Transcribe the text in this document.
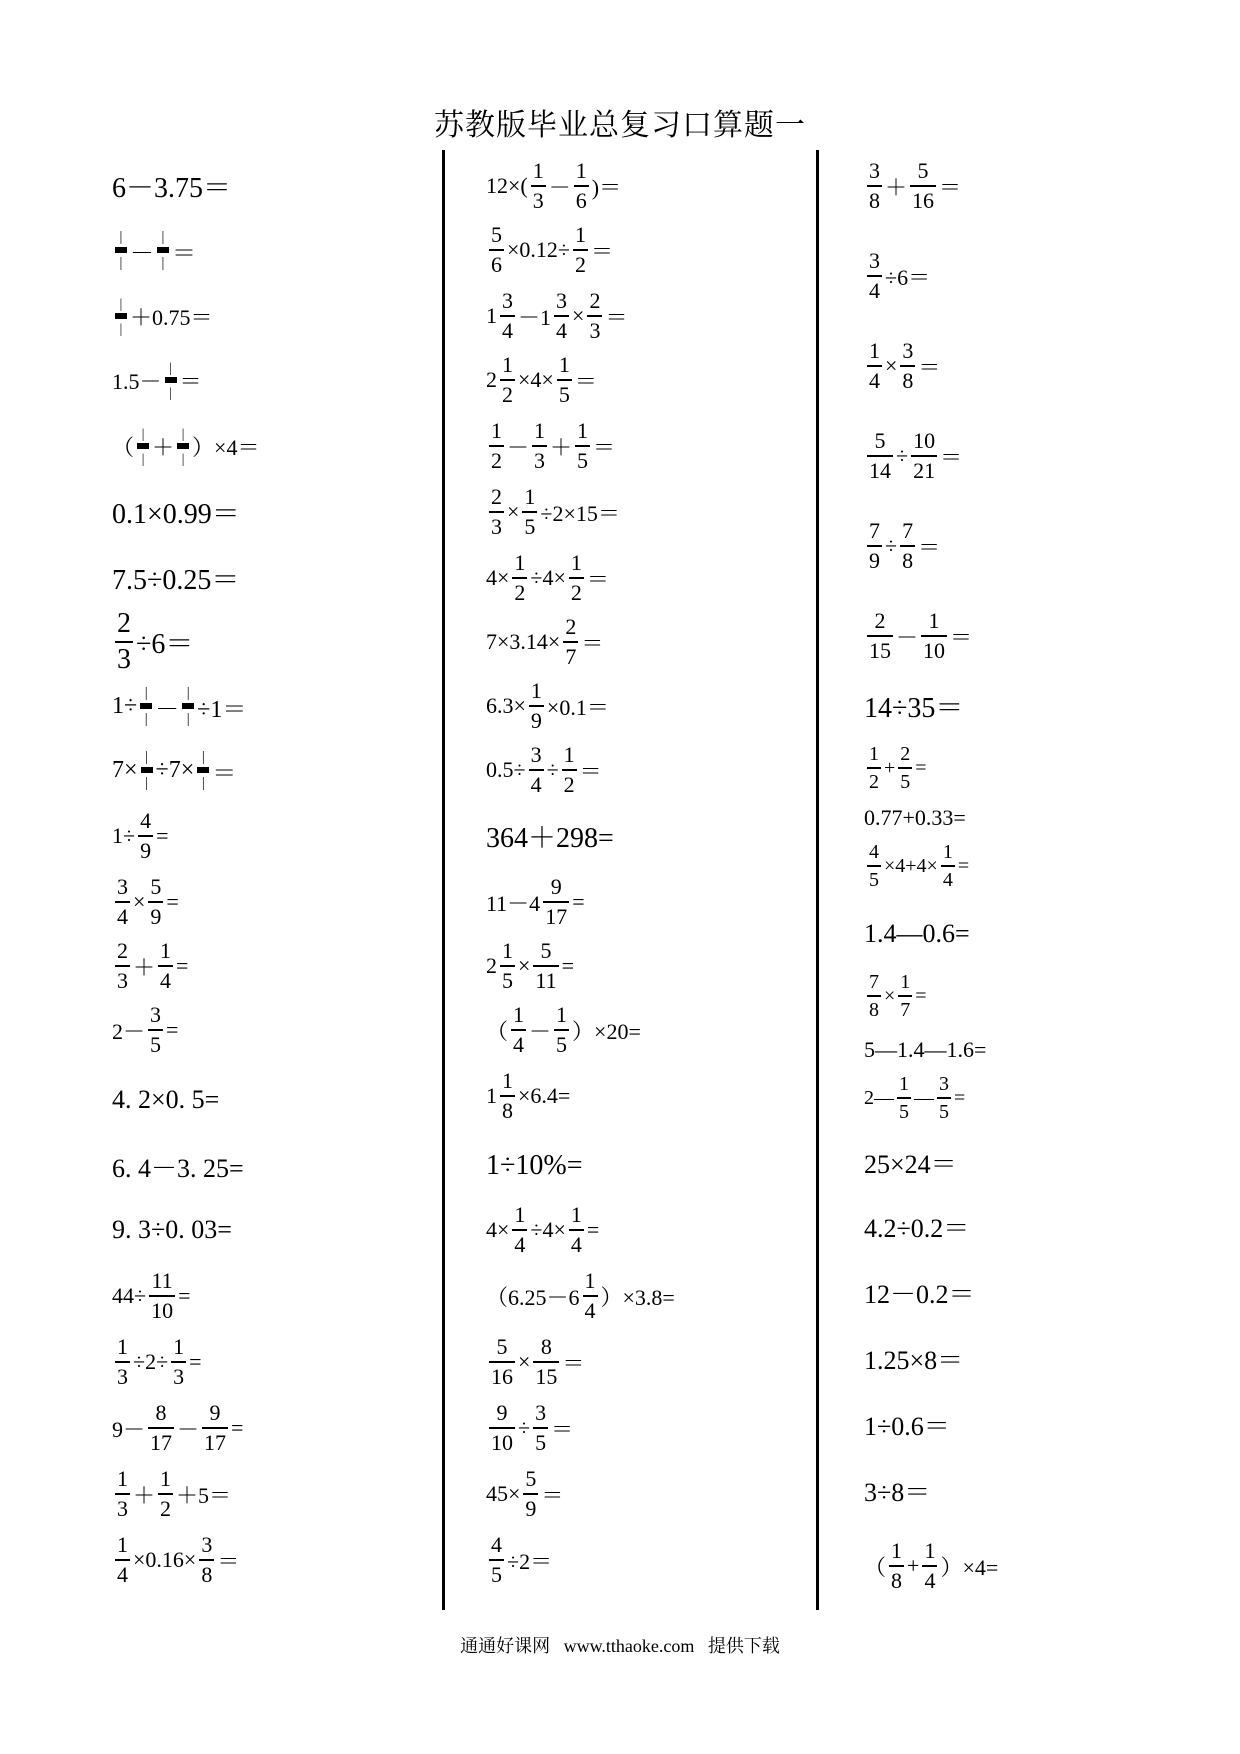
苏教版毕业总复习口算题一
6－3.75＝
|
| －
|
| ＝
|
| ＋0.75＝
1.5－
|
| ＝
（
|
| ＋
|
| ）×4＝
0.1×0.99＝
7.5÷0.25＝
$\frac{2}{3} \div 6=$
1÷ |
| －
|
| ÷1＝
7× |
|
÷7× |
| ＝
$1\div \frac{4}{9}$ =
$\frac{3}{4} \times \frac{5}{9}$ =
$\frac{2}{3} + \frac{1}{4}$ =
$2- \frac{3}{5}$ =
4. 2×0. 5=
6. 4－3. 25=
9. 3÷0. 03=
$44\div \frac{11}{10}$ =
$\frac{1}{3} \div 2\div \frac{1}{3}$ =
$9- \frac{8}{17} - \frac{9}{17}$ =
$\frac{1}{3} + \frac{1}{2} +5=$
$\frac{1}{4} \times 0.16\times \frac{3}{8}$ ＝
$12\times( \frac{1}{3} - \frac{1}{6}$ )＝
$\frac{5}{6} \times 0.12\div \frac{1}{2}$ ＝
$1 \frac{3}{4} -1 \frac{3}{4} \times \frac{2}{3}$ ＝
$2 \frac{1}{2} \times 4\times \frac{1}{5}$ ＝
$\frac{1}{2} - \frac{1}{3} + \frac{1}{5}$ ＝
$\frac{2}{3} \times \frac{1}{5} \div 2\times 15=$
$4\times \frac{1}{2} \div 4\times \frac{1}{2}$ ＝
$7\times 3.14\times \frac{2}{7}$ ＝
$6.3\times \frac{1}{9} \times 0.1=$
$0.5\div \frac{3}{4} \div \frac{1}{2}$ ＝
364＋298=
$11-4 \frac{9}{17}$ =
$2 \frac{1}{5} \times \frac{5}{11}$ =
（ $\frac{1}{4} - \frac{1}{5} )\times 20=$
$1 \frac{1}{8} \times 6.4=$
1÷10%=
$4\times \frac{1}{4} \div 4\times \frac{1}{4}$ =
$(6.25-6 \frac{1}{4} )\times 3.8=$
$\frac{5}{16} \times \frac{8}{15}$ ＝
$\frac{9}{10} \div \frac{3}{5}$ ＝
$45\times \frac{5}{9}$ ＝
$\frac{4}{5} \div 2=$
$\frac{3}{8} + \frac{5}{16}$ ＝
$\frac{3}{4} \div 6=$
$\frac{1}{4} \times \frac{3}{8}$ ＝
$\frac{5}{14} \div \frac{10}{21}$ ＝
$\frac{7}{9} \div \frac{7}{8}$ ＝
$\frac{2}{15} - \frac{1}{10}$ ＝
14÷35＝
$\frac{1}{2} + \frac{2}{5}$ =
0.77+0.33=
$\frac{4}{5} \times 4+4\times \frac{1}{4}$ =
1.4—0.6=
$\frac{7}{8} \times \frac{1}{7}$ =
5—1.4—1.6=
2— $\frac{1}{5}$ — $\frac{3}{5}$ =
25×24＝
4.2÷0.2＝
12－0.2＝
1.25×8＝
1÷0.6＝
3÷8＝
（ $\frac{1}{8} + \frac{1}{4} )\times 4=$
通通好课网 www.tthaoke.com 提供下载
